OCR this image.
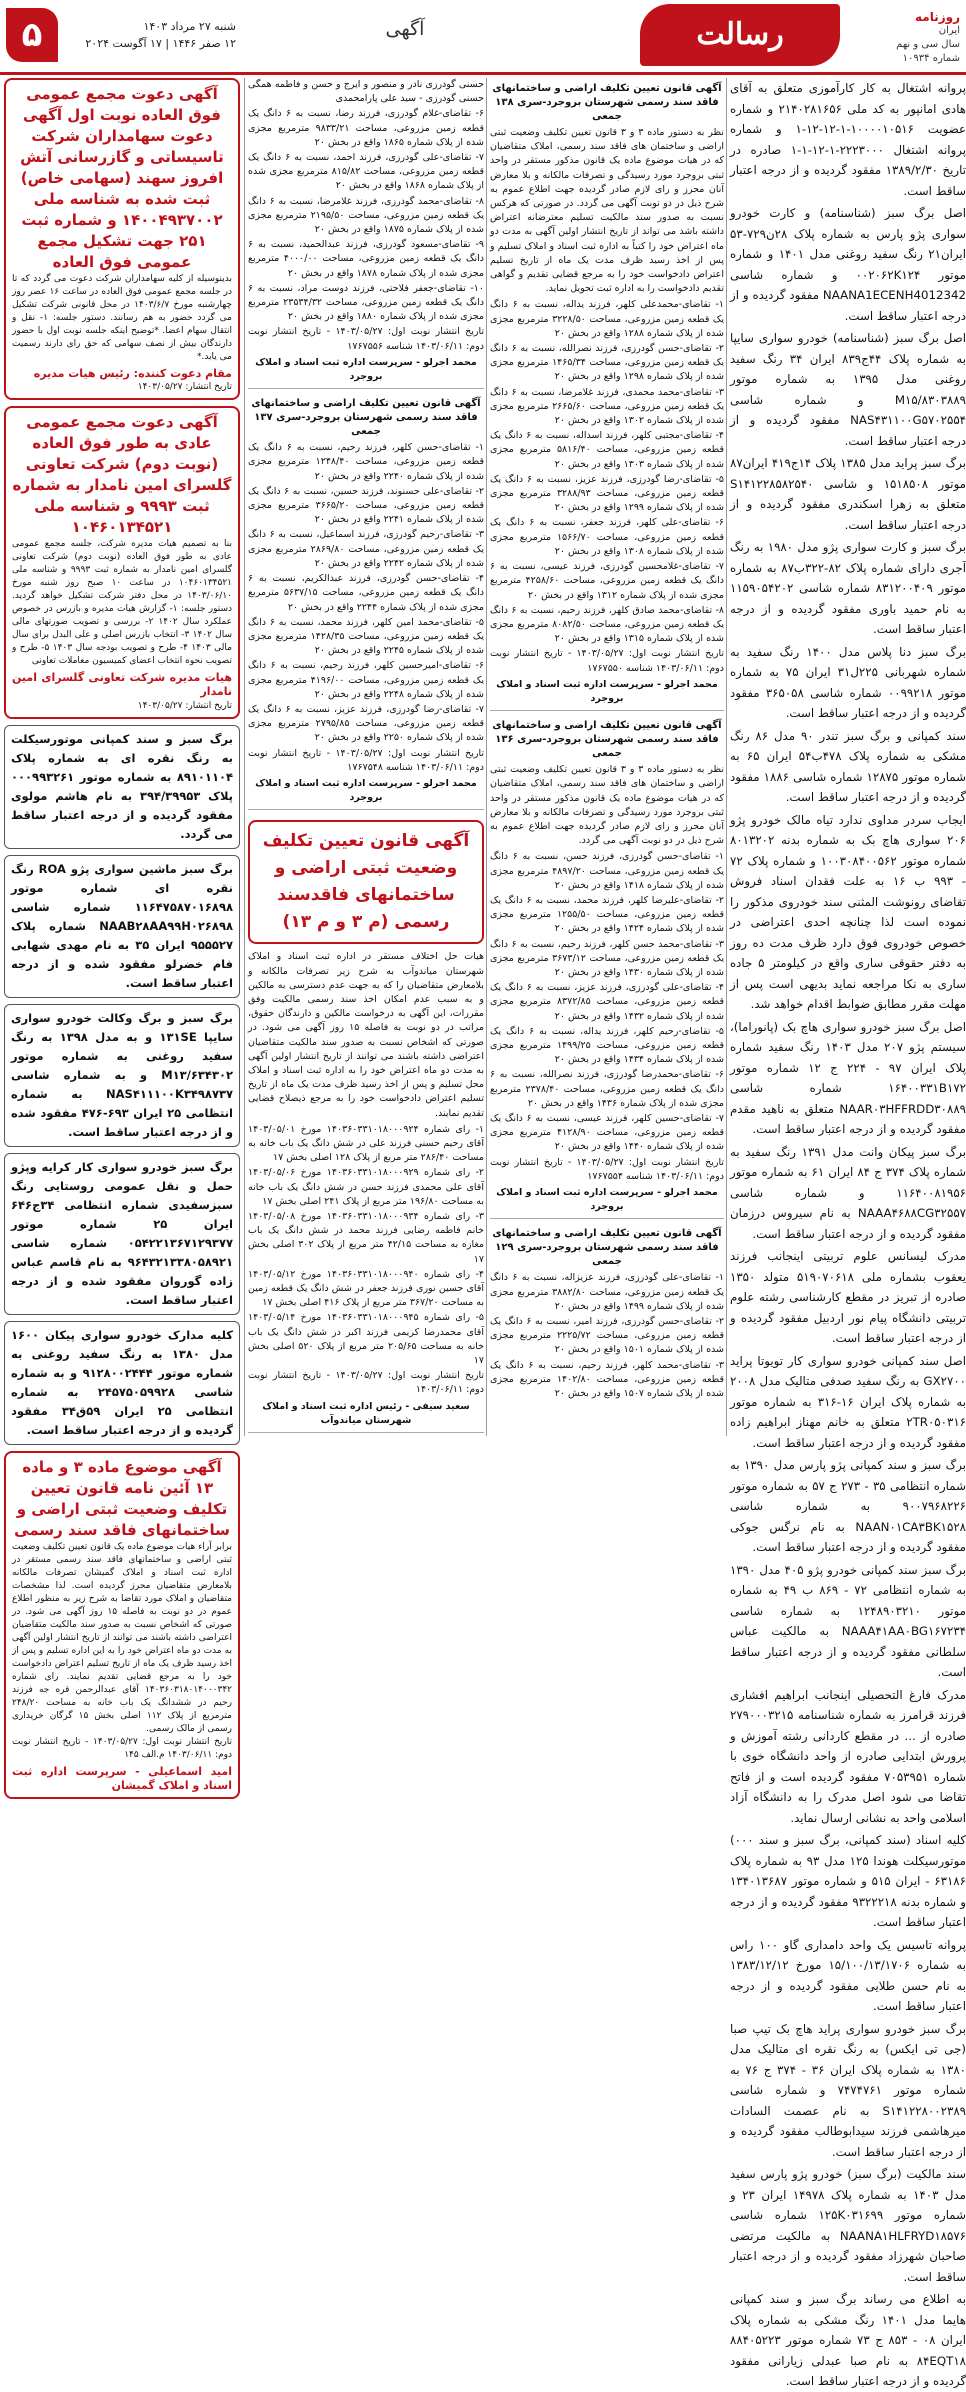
۵	شنبه ۲۷ مرداد ۱۴۰۳
۱۲ صفر ۱۴۴۶ | ۱۷ آگوست ۲۰۲۴
آگهی	رسالت	روزنامه
ایران
سال سی و نهم
شماره ۱۰۹۳۴
پروانه اشتغال به کار کارآموزی متعلق به آقای هادی امانپور به کد ملی ۲۱۴۰۲۸۱۶۵۶ و شماره عضویت ۱۰۰۰۰۱۰۵۱۶-۱-۱۲-۱۲-۱ و شماره پروانه اشتغال ۲۲۲۳۰۰۰-۱-۱۲-۱-۱ صادره در تاریخ ۱۳۸۹/۲/۳۰ مفقود گردیده و از درجه اعتبار ساقط است.
اصل برگ سبز (شناسنامه) و کارت خودرو سواری پژو پارس به شماره پلاک ۲۸ن۷۲۹-۵۳ ایران۲۱ رنگ سفید روغنی مدل ۱۴۰۱ و شماره موتور ۰۰۲۰۶۲K۱۲۴ و شماره شاسی NAANA1ECENH4012342 مفقود گردیده و از درجه اعتبار ساقط است.
اصل برگ سبز (شناسنامه) خودرو سواری سایپا به شماره پلاک ۴۴ج۸۳۹ ایران ۳۴ رنگ سفید روغنی مدل ۱۳۹۵ به شماره موتور M۱۵/۸۳۰۳۸۸۹ و شماره شاسی NAS۴۳۱۱۰۰G۵۷۰۲۵۵۴ مفقود گردیده و از درجه اعتبار ساقط است.
برگ سبز پراید مدل ۱۳۸۵ پلاک ۱۴ج۴۱۹ ایران۸۷ موتور ۱۵۱۸۵۰۸ و شاسی S۱۴۱۲۲۸۵۸۲۵۴۰ متعلق به زهرا اسکندری مفقود گردیده و از درجه اعتبار ساقط است.
برگ سبز و کارت سواری پژو مدل ۱۹۸۰ به رنگ آجری دارای شماره پلاک ۸۲-۳۲۲ب۸۷ به شماره موتور ۸۳۱۲۰۰۴۰۹ شماره شاسی ۱۱۵۹۰۵۴۲۰۲ به نام حمید باوری مفقود گردیده و از درجه اعتبار ساقط است.
برگ سبز دنا پلاس مدل ۱۴۰۰ رنگ سفید به شماره شهربانی ۲۲۵ل۳۱ ایران ۷۵ به شماره موتور ۰۰۹۹۲۱۸ شماره شاسی ۳۶۵۰۵۸ مفقود گردیده و از درجه اعتبار ساقط است.
سند کمپانی و برگ سبز تندر ۹۰ مدل ۸۶ رنگ مشکی به شماره پلاک ۴۷۸ب۵۴ ایران ۶۵ به شماره موتور ۱۲۸۷۵ شماره شاسی ۱۸۸۶ مفقود گردیده و از درجه اعتبار ساقط است.
ایجاب سردر مداوی ندارد تیاه مالک خودرو پژو ۲۰۶ سواری هاچ بک به شماره بدنه ۸۰۱۳۲۰۲ شماره موتور ۱۰۰۳۰۸۴۰۰۵۶۲ و شماره پلاک ۷۲ - ۹۹۳ ب ۱۶ به علت فقدان اسناد فروش تقاضای رونوشت المثنی سند خودروی مذکور را نموده است لذا چنانچه احدی اعتراضی در خصوص خودروی فوق دارد ظرف مدت ده روز به دفتر حقوقی ساری واقع در کیلومتر ۵ جاده ساری به نکا مراجعه نماید بدیهی است پس از مهلت مقرر مطابق ضوابط اقدام خواهد شد.
اصل برگ سبز خودرو سواری هاچ بک (پانوراما)، سیستم پژو ۲۰۷ مدل ۱۴۰۳ رنگ سفید شماره پلاک ایران ۹۷ - ۲۲۴ ج ۱۲ شماره موتور ۱۶۴۰۰۳۳۱B۱۷۲ شماره شاسی NAAR۰۳HFFRDD۳۰۸۸۹ متعلق به ناهید مقدم مفقود گردیده و از درجه اعتبار ساقط است.
برگ سبز پیکان وانت مدل ۱۳۹۱ رنگ سفید به شماره پلاک ۳۷۴ ج ۸۴ ایران ۶۱ به شماره موتور ۱۱۶۴۰۰۸۱۹۵۶ و شماره شاسی NAAA۴۶۸۸CG۳۲۵۵۷ به نام سیروس درزمان مفقود گردیده و از درجه اعتبار ساقط است.
مدرک لیسانس علوم تربیتی اینجانب فرزند یعقوب بشماره ملی ۵۱۹۰۷۰۶۱۸ متولد ۱۳۵۰ صادره از تبریز در مقطع کارشناسی رشته علوم تربیتی دانشگاه پیام نور اردبیل مفقود گردیده و از درجه اعتبار ساقط است.
اصل سند کمپانی خودرو سواری کار تویوتا پراید GX۲۷۰۰ به رنگ سفید صدفی متالیک مدل ۲۰۰۸ به شماره پلاک ایران ۱۶-۳۱۶ به شماره موتور ۲TR۰۵۰۳۱۶ متعلق به خانم مهناز ابراهیم زاده مفقود گردیده و از درجه اعتبار ساقط است.
برگ سبز و سند کمپانی پژو پارس مدل ۱۳۹۰ به شماره انتظامی ۳۵ - ۲۷۳ ج ۵۷ به شماره موتور ۹۰۰۷۹۶۸۲۲۶ به شماره شاسی NAAN۰۱CA۳BK۱۵۲۸ به نام نرگس جوکی مفقود گردیده و از درجه اعتبار ساقط است.
برگ سبز سند کمپانی خودرو پژو ۴۰۵ مدل ۱۳۹۰ به شماره انتظامی ۷۲ - ۸۶۹ ب ۴۹ به شماره موتور ۱۲۴۸۹۰۳۲۱۰ به شماره شاسی NAAA۴۱AA۰BG۱۶۷۲۳۴ به مالکیت عباس سلطانی مفقود گردیده و از درجه اعتبار ساقط است.
مدرک فارغ التحصیلی اینجانب ابراهیم افشاری فرزند قرامرز به شماره شناسنامه ۲۷۹۰۰۰۳۲۱۵ صادره از ... در مقطع کاردانی رشته آموزش و پرورش ابتدایی صادره از واحد دانشگاه خوی با شماره ۷۰۵۳۹۵۱ مفقود گردیده است و از فاتح تقاضا می شود اصل مدرک را به دانشگاه آزاد اسلامی واحد به نشانی ارسال نماید.
کلیه اسناد (سند کمپانی، برگ سبز و سند ۰۰۰) موتورسیکلت هوندا ۱۲۵ مدل ۹۳ به شماره پلاک ۶۳۱۸۶ - ایران ۵۱۵ و شماره موتور ۱۳۴۰۱۳۶۸۷ و شماره بدنه ۹۳۲۲۲۱۸ مفقود گردیده و از درجه اعتبار ساقط است.
پروانه تاسیس یک واحد دامداری گاو ۱۰۰ راس به شماره ۱۵/۱۰۰/۱۳/۱۷۰۶ مورخ ۱۳۸۳/۱۲/۱۲ به نام حسن طلایی مفقود گردیده و از درجه اعتبار ساقط است.
برگ سبز خودرو سواری پراید هاچ بک تیپ صبا (جی تی ایکس) به رنگ نقره ای متالیک مدل ۱۳۸۰ به شماره پلاک ایران ۳۶ - ۳۷۴ ج ۷۶ به شماره موتور ۷۴۷۴۷۶۱ و شماره شاسی S۱۴۱۲۲۸۰۰۲۳۸۹ به نام عصمت السادات میرهاشمی فرزند سیدابوطالب مفقود گردیده و از درجه اعتبار ساقط است.
سند مالکیت (برگ سبز) خودرو پژو پارس سفید مدل ۱۴۰۳ به شماره پلاک ۱۴۹۷۸ ایران ۲۳ و شماره موتور ۱۲۵K۰۳۱۶۹۹ شماره شاسی NAANA۱HLFRYD۱۸۵۷۶ به مالکیت مرتضی صاحبان شهرزاد مفقود گردیده و از درجه اعتبار ساقط است.
به اطلاع می رساند برگ سبز و سند کمپانی هایما مدل ۱۴۰۱ رنگ مشکی به شماره پلاک ایران ۰۸ - ۸۵۳ ج ۷۳ شماره موتور ۸۸۴۰۵۲۲۳ ۸۴EQT۱۸ به نام صبا عبدلی زیارانی مفقود گردیده و از درجه اعتبار ساقط است.
آگهی قانون تعیین تکلیف اراضی و ساختمانهای فاقد سند رسمی شهرستان بروجرد-سری ۱۳۸ جمعی
نظر به دستور ماده ۳ و ۳ قانون تعیین تکلیف وضعیت ثبتی اراضی و ساختمان های فاقد سند رسمی، املاک متقاضیان که در هیات موضوع ماده یک قانون مذکور مستقر در واحد ثبتی بروجرد مورد رسیدگی و تصرفات مالکانه و بلا معارض آنان محرز و رای لازم صادر گردیده جهت اطلاع عموم به شرح ذیل در دو نوبت آگهی می گردد. در صورتی که هرکس نسبت به صدور سند مالکیت تسلیم معترضانه اعتراض داشته باشد می تواند از تاریخ انتشار اولین آگهی به مدت دو ماه اعتراض خود را کتباً به اداره ثبت اسناد و املاک تسلیم و پس از اخذ رسید ظرف مدت یک ماه از تاریخ تسلیم اعتراض دادخواست خود را به مرجع قضایی تقدیم و گواهی تقدیم دادخواست را به اداره ثبت تحویل نماید.
۱- تقاضای-محمدعلی کلهر، فرزند یداله، نسبت به ۶ دانگ یک قطعه زمین مزروعی، مساحت ۳۲۲۸/۵۰ مترمربع مجزی شده از پلاک شماره ۱۲۸۸ واقع در بخش ۲۰
۲- تقاضای-حسن گودرزی، فرزند نصرالله، نسبت به ۶ دانگ یک قطعه زمین مزروعی، مساحت ۱۴۶۵/۳۴ مترمربع مجزی شده از پلاک شماره ۱۲۹۸ واقع در بخش ۲۰
۳- تقاضای-محمد محمدی، فرزند غلامرضا، نسبت به ۶ دانگ یک قطعه زمین مزروعی، مساحت ۲۶۶۵/۶۰ مترمربع مجزی شده از پلاک شماره ۱۳۰۲ واقع در بخش ۲۰
۴- تقاضای-مجتبی کلهر، فرزند اسداله، نسبت به ۶ دانگ یک قطعه زمین مزروعی، مساحت ۵۸۱۶/۴۰ مترمربع مجزی شده از پلاک شماره ۱۳۰۳ واقع در بخش ۲۰
۵- تقاضای-رضا گودرزی، فرزند عزیز، نسبت به ۶ دانگ یک قطعه زمین مزروعی، مساحت ۳۲۸۸/۹۳ مترمربع مجزی شده از پلاک شماره ۱۲۹۹ واقع در بخش ۲۰
۶- تقاضای-علی کلهر، فرزند جعفر، نسبت به ۶ دانگ یک قطعه زمین مزروعی، مساحت ۱۵۶۶/۷۰ مترمربع مجزی شده از پلاک شماره ۱۳۰۸ واقع در بخش ۲۰
۷- تقاضای-غلامحسین گودرزی، فرزند عیسی، نسبت به ۶ دانگ یک قطعه زمین مزروعی، مساحت ۴۲۵۸/۶۰ مترمربع مجزی شده از پلاک شماره ۱۳۱۲ واقع در بخش ۲۰
۸- تقاضای-محمد صادق کلهر، فرزند رحیم، نسبت به ۶ دانگ یک قطعه زمین مزروعی، مساحت ۸۰۸۲/۵۰ مترمربع مجزی شده از پلاک شماره ۱۳۱۵ واقع در بخش ۲۰
تاریخ انتشار نوبت اول: ۱۴۰۳/۰۵/۲۷ - تاریخ انتشار نوبت دوم: ۱۴۰۳/۰۶/۱۱ شناسه ۱۷۶۷۵۵۰
محمد اجرلو - سرپرست اداره ثبت اسناد و املاک بروجرد
آگهی قانون تعیین تکلیف اراضی و ساختمانهای فاقد سند رسمی شهرستان بروجرد-سری ۱۳۶ جمعی
نظر به دستور ماده ۳ و ۳ قانون تعیین تکلیف وضعیت ثبتی اراضی و ساختمان های فاقد سند رسمی، املاک متقاضیان که در هیات موضوع ماده یک قانون مذکور مستقر در واحد ثبتی بروجرد مورد رسیدگی و تصرفات مالکانه و بلا معارض آنان محرز و رای لازم صادر گردیده جهت اطلاع عموم به شرح ذیل در دو نوبت آگهی می گردد.
۱- تقاضای-حسن گودرزی، فرزند حسن، نسبت به ۶ دانگ یک قطعه زمین مزروعی، مساحت ۴۸۹۷/۲۰ مترمربع مجزی شده از پلاک شماره ۱۴۱۸ واقع در بخش ۲۰
۲- تقاضای-علیرضا کلهر، فرزند محمد، نسبت به ۶ دانگ یک قطعه زمین مزروعی، مساحت ۱۲۵۵/۵۰ مترمربع مجزی شده از پلاک شماره ۱۴۲۴ واقع در بخش ۲۰
۳- تقاضای-محمد حسن کلهر، فرزند رحیم، نسبت به ۶ دانگ یک قطعه زمین مزروعی، مساحت ۳۶۷۳/۱۲ مترمربع مجزی شده از پلاک شماره ۱۴۳۰ واقع در بخش ۲۰
۴- تقاضای-علی گودرزی، فرزند عزیز، نسبت به ۶ دانگ یک قطعه زمین مزروعی، مساحت ۸۳۷۲/۸۵ مترمربع مجزی شده از پلاک شماره ۱۴۳۲ واقع در بخش ۲۰
۵- تقاضای-رحیم کلهر، فرزند یداله، نسبت به ۶ دانگ یک قطعه زمین مزروعی، مساحت ۱۴۹۹/۲۵ مترمربع مجزی شده از پلاک شماره ۱۴۳۴ واقع در بخش ۲۰
۶- تقاضای-محمدرضا گودرزی، فرزند نصرالله، نسبت به ۶ دانگ یک قطعه زمین مزروعی، مساحت ۲۳۷۸/۴۰ مترمربع مجزی شده از پلاک شماره ۱۴۳۶ واقع در بخش ۲۰
۷- تقاضای-حسین کلهر، فرزند عیسی، نسبت به ۶ دانگ یک قطعه زمین مزروعی، مساحت ۴۱۲۸/۹۰ مترمربع مجزی شده از پلاک شماره ۱۴۴۰ واقع در بخش ۲۰
تاریخ انتشار نوبت اول: ۱۴۰۳/۰۵/۲۷ - تاریخ انتشار نوبت دوم: ۱۴۰۳/۰۶/۱۱ شناسه ۱۷۶۷۵۵۴
محمد اجرلو - سرپرست اداره ثبت اسناد و املاک بروجرد
آگهی قانون تعیین تکلیف اراضی و ساختمانهای فاقد سند رسمی شهرستان بروجرد-سری ۱۲۹ جمعی
۱- تقاضای-علی گودرزی، فرزند عزیزاله، نسبت به ۶ دانگ یک قطعه زمین مزروعی، مساحت ۳۸۸۲/۸۰ مترمربع مجزی شده از پلاک شماره ۱۴۹۹ واقع در بخش ۲۰
۲- تقاضای-حسن گودرزی، فرزند امیر، نسبت به ۶ دانگ یک قطعه زمین مزروعی، مساحت ۲۲۲۵/۷۲ مترمربع مجزی شده از پلاک شماره ۱۵۰۱ واقع در بخش ۲۰
۳- تقاضای-محمد کلهر، فرزند رحیم، نسبت به ۶ دانگ یک قطعه زمین مزروعی، مساحت ۱۴۰۲/۸۰ مترمربع مجزی شده از پلاک شماره ۱۵۰۷ واقع در بخش ۲۰
حسنی گودرزی نادر و منصور و ایرج و حسن و فاطمه همگی حسنی گودرزی - سید علی پارامحمدی
۶- تقاضای-غلام گودرزی، فرزند رضا، نسبت به ۶ دانگ یک قطعه زمین مزروعی، مساحت ۹۸۳۳/۲۱ مترمربع مجزی شده از پلاک شماره ۱۸۶۵ واقع در بخش ۲۰
۷- تقاضای-علی گودرزی، فرزند احمد، نسبت به ۶ دانگ یک قطعه زمین مزروعی، مساحت ۸۱۵/۸۲ مترمربع مجزی شده از پلاک شماره ۱۸۶۸ واقع در بخش ۲۰
۸- تقاضای-محمد گودرزی، فرزند غلامرضا، نسبت به ۶ دانگ یک قطعه زمین مزروعی، مساحت ۲۱۹۵/۵۰ مترمربع مجزی شده از پلاک شماره ۱۸۷۵ واقع در بخش ۲۰
۹- تقاضای-مسعود گودرزی، فرزند عبدالحمید، نسبت به ۶ دانگ یک قطعه زمین مزروعی، مساحت ۴۰۰۰/۰۰ مترمربع مجزی شده از پلاک شماره ۱۸۷۸ واقع در بخش ۲۰
۱۰- تقاضای-جعفر فلاحتی، فرزند دوست مراد، نسبت به ۶ دانگ یک قطعه زمین مزروعی، مساحت ۲۳۵۳۴/۳۲ مترمربع مجزی شده از پلاک شماره ۱۸۸۰ واقع در بخش ۲۰
تاریخ انتشار نوبت اول: ۱۴۰۳/۰۵/۲۷ - تاریخ انتشار نوبت دوم: ۱۴۰۳/۰۶/۱۱ شناسه ۱۷۶۷۵۵۶
محمد اجرلو - سرپرست اداره ثبت اسناد و املاک بروجرد
آگهی قانون تعیین تکلیف اراضی و ساختمانهای فاقد سند رسمی شهرستان بروجرد-سری ۱۳۷ جمعی
۱- تقاضای-حسن کلهر، فرزند رحیم، نسبت به ۶ دانگ یک قطعه زمین مزروعی، مساحت ۱۲۴۸/۴۰ مترمربع مجزی شده از پلاک شماره ۲۲۴۰ واقع در بخش ۲۰
۲- تقاضای-علی حسنوند، فرزند حسین، نسبت به ۶ دانگ یک قطعه زمین مزروعی، مساحت ۳۶۶۵/۲۰ مترمربع مجزی شده از پلاک شماره ۲۲۴۱ واقع در بخش ۲۰
۳- تقاضای-رحیم گودرزی، فرزند اسماعیل، نسبت به ۶ دانگ یک قطعه زمین مزروعی، مساحت ۲۸۶۹/۸۰ مترمربع مجزی شده از پلاک شماره ۲۲۴۲ واقع در بخش ۲۰
۴- تقاضای-حسن گودرزی، فرزند عبدالکریم، نسبت به ۶ دانگ یک قطعه زمین مزروعی، مساحت ۵۶۳۷/۱۵ مترمربع مجزی شده از پلاک شماره ۲۲۴۴ واقع در بخش ۲۰
۵- تقاضای-محمد امین کلهر، فرزند محمد، نسبت به ۶ دانگ یک قطعه زمین مزروعی، مساحت ۱۴۲۸/۳۵ مترمربع مجزی شده از پلاک شماره ۲۲۴۵ واقع در بخش ۲۰
۶- تقاضای-امیرحسین کلهر، فرزند رحیم، نسبت به ۶ دانگ یک قطعه زمین مزروعی، مساحت ۴۱۹۶/۰۰ مترمربع مجزی شده از پلاک شماره ۲۲۴۸ واقع در بخش ۲۰
۷- تقاضای-رضا گودرزی، فرزند عزیز، نسبت به ۶ دانگ یک قطعه زمین مزروعی، مساحت ۲۷۹۵/۸۵ مترمربع مجزی شده از پلاک شماره ۲۲۵۰ واقع در بخش ۲۰
تاریخ انتشار نوبت اول: ۱۴۰۳/۰۵/۲۷ - تاریخ انتشار نوبت دوم: ۱۴۰۳/۰۶/۱۱ شناسه ۱۷۶۷۵۴۸
محمد اجرلو - سرپرست اداره ثبت اسناد و املاک بروجرد
آگهی قانون تعیین تکلیف وضعیت ثبتی اراضی و ساختمانهای فاقدسند رسمی (م ۳ و م ۱۳)
هیات حل اختلاف مستقر در اداره ثبت اسناد و املاک شهرستان میاندوآب به شرح زیر تصرفات مالکانه و بلامعارض متقاضیان را که به جهت عدم دسترسی به مالکین و به سبب عدم امکان اخذ سند رسمی مالکیت وفق مقررات، این آگهی به درخواست مالکین و دارندگان حقوق، مراتب در دو نوبت به فاصله ۱۵ روز آگهی می شود. در صورتی که اشخاص نسبت به صدور سند مالکیت متقاضیان اعتراضی داشته باشند می توانند از تاریخ انتشار اولین آگهی به مدت دو ماه اعتراض خود را به اداره ثبت اسناد و املاک محل تسلیم و پس از اخذ رسید ظرف مدت یک ماه از تاریخ تسلیم اعتراض دادخواست خود را به مرجع ذیصلاح قضایی تقدیم نمایند.
۱- رای شماره ۱۴۰۳۶۰۳۳۱۰۱۸۰۰۰۹۲۴ مورخ ۱۴۰۳/۰۵/۰۱ آقای رحیم حسنی فرزند علی در شش دانگ یک باب خانه به مساحت ۲۸۶/۴۰ متر مربع از پلاک ۱۲۸ اصلی بخش ۱۷
۲- رای شماره ۱۴۰۳۶۰۳۳۱۰۱۸۰۰۰۹۲۹ مورخ ۱۴۰۳/۰۵/۰۶ آقای علی محمدی فرزند حسن در شش دانگ یک باب خانه به مساحت ۱۹۶/۸۰ متر مربع از پلاک ۲۴۱ اصلی بخش ۱۷
۳- رای شماره ۱۴۰۳۶۰۳۳۱۰۱۸۰۰۰۹۳۴ مورخ ۱۴۰۳/۰۵/۰۸ خانم فاطمه رضایی فرزند محمد در شش دانگ یک باب مغازه به مساحت ۴۲/۱۵ متر مربع از پلاک ۳۰۲ اصلی بخش ۱۷
۴- رای شماره ۱۴۰۳۶۰۳۳۱۰۱۸۰۰۰۹۴۰ مورخ ۱۴۰۳/۰۵/۱۲ آقای حسین نوری فرزند جعفر در شش دانگ یک قطعه زمین به مساحت ۳۶۷/۲۰ متر مربع از پلاک ۴۱۶ اصلی بخش ۱۷
۵- رای شماره ۱۴۰۳۶۰۳۳۱۰۱۸۰۰۰۹۴۵ مورخ ۱۴۰۳/۰۵/۱۴ آقای محمدرضا کریمی فرزند اکبر در شش دانگ یک باب خانه به مساحت ۲۰۵/۶۵ متر مربع از پلاک ۵۲۰ اصلی بخش ۱۷
تاریخ انتشار نوبت اول: ۱۴۰۳/۰۵/۲۷ - تاریخ انتشار نوبت دوم: ۱۴۰۳/۰۶/۱۱
سعید سیفی - رئیس اداره ثبت اسناد و املاک شهرستان میاندوآب
آگهی دعوت مجمع عمومی فوق العاده نوبت اول آگهی دعوت سهامداران شرکت تاسیساتی و گازرسانی آتش افروز سهند (سهامی خاص) ثبت شده به شناسه ملی ۱۴۰۰۴۹۳۷۰۰۲ و شماره ثبت ۲۵۱ جهت تشکیل مجمع عمومی فوق العاده
بدینوسیله از کلیه سهامداران شرکت دعوت می گردد که تا در جلسه مجمع عمومی فوق العاده در ساعت ۱۶ عصر روز چهارشنبه مورخ ۱۴۰۳/۶/۷ در محل قانونی شرکت تشکیل می گردد حضور به هم رسانند. دستور جلسه: ۱- نقل و انتقال سهام اعضا. *توضیح اینکه جلسه نوبت اول با حضور دارندگان بیش از نصف سهامی که حق رای دارند رسمیت می یابد.*
مقام دعوت کننده: رئیس هیات مدیره
تاریخ انتشار: ۱۴۰۳/۰۵/۲۷
آگهی دعوت مجمع عمومی عادی به طور فوق العاده (نوبت دوم) شرکت تعاونی گلسرای امین نامدار به شماره ثبت ۹۹۹۳ و شناسه ملی ۱۰۴۶۰۱۳۴۵۲۱
بنا به تصمیم هیات مدیره شرکت، جلسه مجمع عمومی عادی به طور فوق العاده (نوبت دوم) شرکت تعاونی گلسرای امین نامدار به شماره ثبت ۹۹۹۳ و شناسه ملی ۱۰۴۶۰۱۳۴۵۲۱ در ساعت ۱۰ صبح روز شنبه مورخ ۱۴۰۳/۰۶/۱۰ در محل دفتر شرکت تشکیل خواهد گردید. دستور جلسه: ۱- گزارش هیات مدیره و بازرس در خصوص عملکرد سال ۱۴۰۲ ۲- بررسی و تصویب صورتهای مالی سال ۱۴۰۲ ۳- انتخاب بازرس اصلی و علی البدل برای سال مالی ۱۴۰۳ ۴- طرح و تصویب بودجه سال ۱۴۰۳ ۵- طرح و تصویب نحوه انتخاب اعضای کمیسیون معاملات تعاونی
هیات مدیره شرکت تعاونی گلسرای امین نامدار
تاریخ انتشار: ۱۴۰۳/۰۵/۲۷
برگ سبز و سند کمپانی موتورسیکلت به رنگ نقره ای به شماره پلاک ۸۹۱۰۱۱۰۴ به شماره موتور ۰۰۰۹۹۳۲۶۱ پلاک ۳۹۴/۳۹۹۵۳ به نام هاشم مولوی مفقود گردیده و از درجه اعتبار ساقط می گردد.
برگ سبز ماشین سواری پژو ROA رنگ نقره ای شماره موتور ۱۱۶۴۷۵۸۷۰۱۶۸۹۸ شماره شاسی NAAB۲۸AA۹۹H۰۲۶۸۹۸ شماره پلاک ۹۵۵۵۲۷ ایران ۳۵ به نام مهدی شهابی فام خضرلو مفقود شده و از درجه اعتبار ساقط است.
برگ سبز و برگ وکالت خودرو سواری سایپا ۱۳۱SE و به مدل ۱۳۹۸ به رنگ سفید روغنی به شماره موتور M۱۳/۶۳۴۳۰۲ و به شماره شاسی NAS۴۱۱۱۰۰K۳۴۹۸۷۳۷ به شماره انتظامی ۲۵ ایران ۶۹۳-۴۷۶ مفقود شده و از درجه اعتبار ساقط است.
برگ سبز خودرو سواری کار کرایه وپژو حمل و نقل عمومی روستایی رنگ سبزسفیدی شماره انتظامی ۳۴ج۶۴۶ ایران ۲۵ شماره موتور ۰۵۴۲۲۱۳۶۷۱۲۹۳۷۷ شماره شاسی ۹۶۴۳۲۱۳۳۸۰۵۸۹۲۱ به نام قاسم عباس زاده گوروان مفقود شده و از درجه اعتبار ساقط است.
کلیه مدارک خودرو سواری پیکان ۱۶۰۰ مدل ۱۳۸۰ به رنگ سفید روغنی به شماره موتور ۹۱۲۸۰۰۲۴۴۴ و به شماره شاسی ۲۴۵۷۵۰۵۹۹۲۸ به شماره انتظامی ۲۵ ایران ۵۹ق۳۴ مفقود گردیده و از درجه اعتبار ساقط است.
آگهی موضوع ماده ۳ و ماده ۱۳ آئین نامه قانون تعیین تکلیف وضعیت ثبتی اراضی و ساختمانهای فاقد سند رسمی
برابر آراء هیات موضوع ماده یک قانون تعیین تکلیف وضعیت ثبتی اراضی و ساختمانهای فاقد سند رسمی مستقر در اداره ثبت اسناد و املاک گمیشان تصرفات مالکانه بلامعارض متقاضیان محرز گردیده است. لذا مشخصات متقاضیان و املاک مورد تقاضا به شرح زیر به منظور اطلاع عموم در دو نوبت به فاصله ۱۵ روز آگهی می شود. در صورتی که اشخاص نسبت به صدور سند مالکیت متقاضیان اعتراضی داشته باشند می توانند از تاریخ انتشار اولین آگهی به مدت دو ماه اعتراض خود را به این اداره تسلیم و پس از اخذ رسید ظرف یک ماه از تاریخ تسلیم اعتراض دادخواست خود را به مرجع قضایی تقدیم نمایند. رای شماره ۱۴۰۳۶۰۳۱۸۰۱۴۰۰۰۳۴۲ آقای عبدالرحمن قره جه فرزند رحیم در ششدانگ یک باب خانه به مساحت ۲۴۸/۲۰ مترمربع از پلاک ۱۱۲ اصلی بخش ۱۵ گرگان خریداری رسمی از مالک رسمی.
تاریخ انتشار نوبت اول: ۱۴۰۳/۰۵/۲۷ - تاریخ انتشار نوبت دوم: ۱۴۰۳/۰۶/۱۱ م.الف ۱۴۵
امید اسماعیلی - سرپرست اداره ثبت اسناد و املاک گمیشان
